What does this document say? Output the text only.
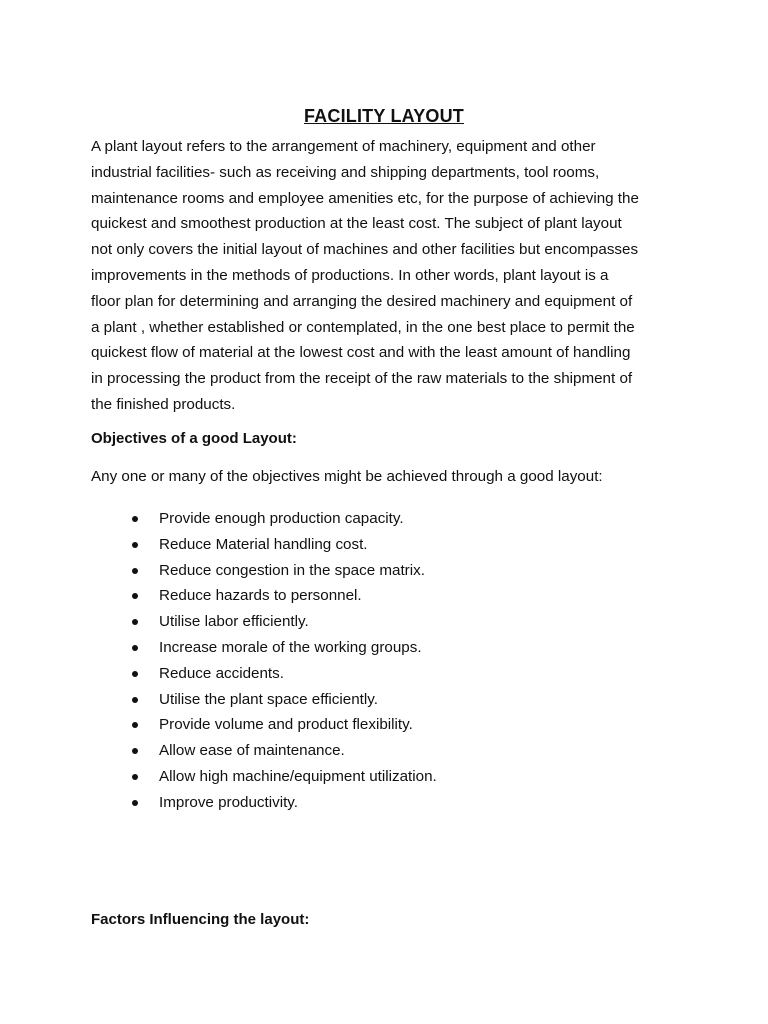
FACILITY LAYOUT

A plant layout refers to the arrangement of machinery, equipment and other
industrial facilities- such as receiving and shipping departments, tool rooms,
maintenance rooms and employee amenities etc, for the purpose of achieving the
quickest and smoothest production at the least cost. The subject of plant layout
not only covers the initial layout of machines and other facilities but encompasses
improvements in the methods of productions. In other words, plant layout is a
floor plan for determining and arranging the desired machinery and equipment of
a plant , whether established or contemplated, in the one best place to permit the
quickest flow of material at the lowest cost and with the least amount of handling
in processing the product from the receipt of the raw materials to the shipment of
the finished products.

Objectives of a good Layout:

Any one or many of the objectives might be achieved through a good layout:

Provide enough production capacity.
Reduce Material handling cost.
Reduce congestion in the space matrix.
Reduce hazards to personnel.
Utilise labor efficiently.
Increase morale of the working groups.
Reduce accidents.
Utilise the plant space efficiently.
Provide volume and product flexibility.
Allow ease of maintenance.
Allow high machine/equipment utilization.
Improve productivity.
Factors Influencing the layout:
